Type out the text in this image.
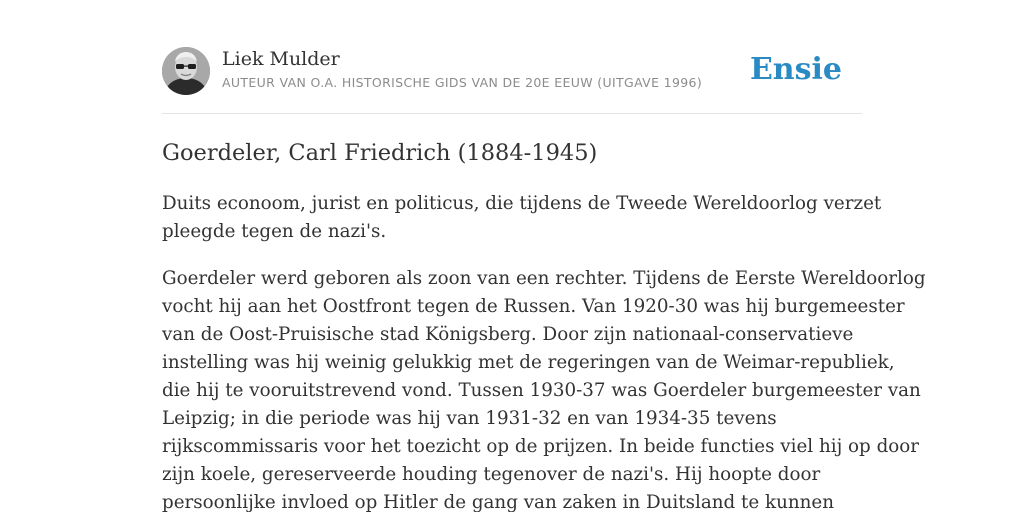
Liek Mulder
AUTEUR VAN O.A. HISTORISCHE GIDS VAN DE 20E EEUW (UITGAVE 1996) Ensie
Goerdeler, Carl Friedrich (1884-1945)

Duits econoom, jurist en politicus, die tijdens de Tweede Wereldoorlog verzet
pleegde tegen de nazi's.

Goerdeler werd geboren als zoon van een rechter. Tijdens de Eerste Wereldoorlog
vocht hij aan het Oostfront tegen de Russen. Van 1920-30 was hij burgemeester
van de Oost-Pruisische stad Königsberg. Door zijn nationaal-conservatieve
instelling was hij weinig gelukkig met de regeringen van de Weimar-republiek,
die hij te vooruitstrevend vond. Tussen 1930-37 was Goerdeler burgemeester van
Leipzig; in die periode was hij van 1931-32 en van 1934-35 tevens
rijkscommissaris voor het toezicht op de prijzen. In beide functies viel hij op door
zijn koele, gereserveerde houding tegenover de nazi's. Hij hoopte door
persoonlijke invloed op Hitler de gang van zaken in Duitsland te kunnen
